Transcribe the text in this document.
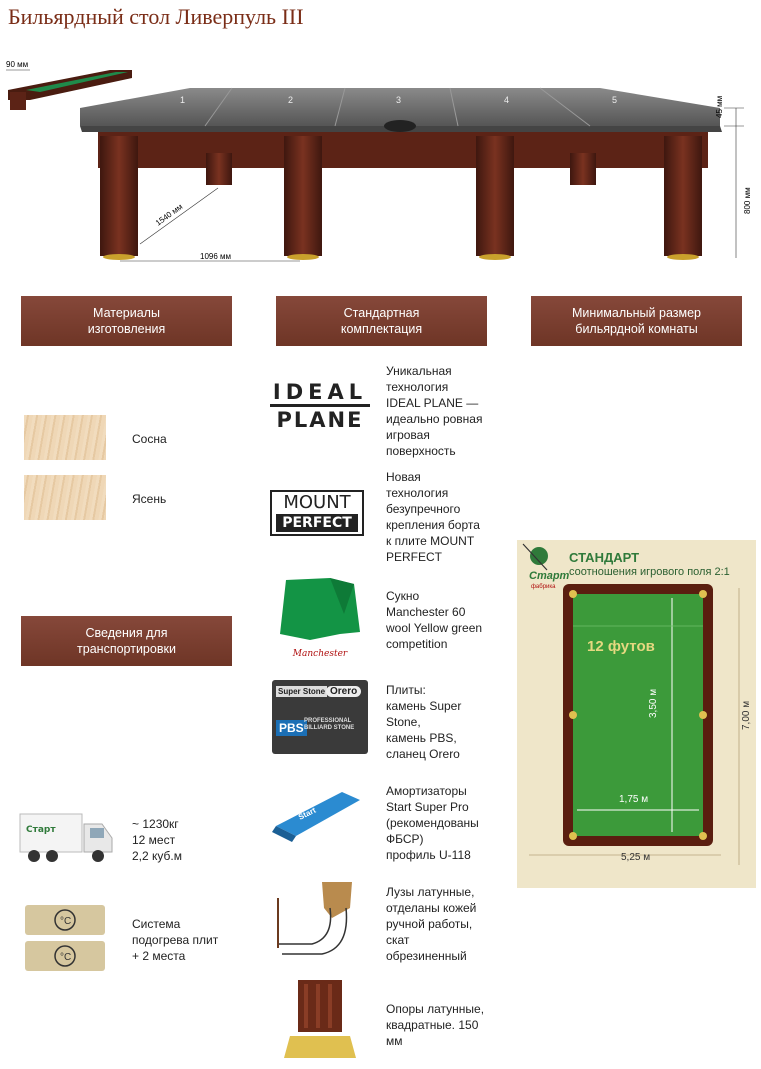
Бильярдный стол Ливерпуль III
90 мм
1	2	3	4	5
1540 мм
1096 мм
45 мм
800 мм
Материалы изготовления
Стандартная комплектация
Минимальный размер бильярдной комнаты
Сведения для транспортировки
Сосна
Ясень
Старт	~ 1230кг
12 мест
2,2 куб.м
°C
°C
Система
подогрева плит
+ 2 места
IDEAL
PLANE
MOUNT
PERFECT
Manchester
Super Stone Orero
PBS PROFESSIONAL BILLIARD STONE
Start
Уникальная
технология
IDEAL PLANE —
идеально ровная
игровая
поверхность
Новая
технология
безупречного
крепления борта
к плите MOUNT
PERFECT
Сукно
Manchester 60
wool Yellow green
competition
Плиты:
камень Super
Stone,
камень PBS,
сланец Orero
Амортизаторы
Start Super Pro
(рекомендованы
ФБСР)
профиль U-118
Лузы латунные,
отделаны кожей
ручной работы,
скат
обрезиненный
Опоры латунные,
квадратные. 150
мм
Старт
фабрика
СТАНДАРТ
соотношения игрового поля 2:1
12 футов
3,50 м
1,75 м
7,00 м
5,25 м
